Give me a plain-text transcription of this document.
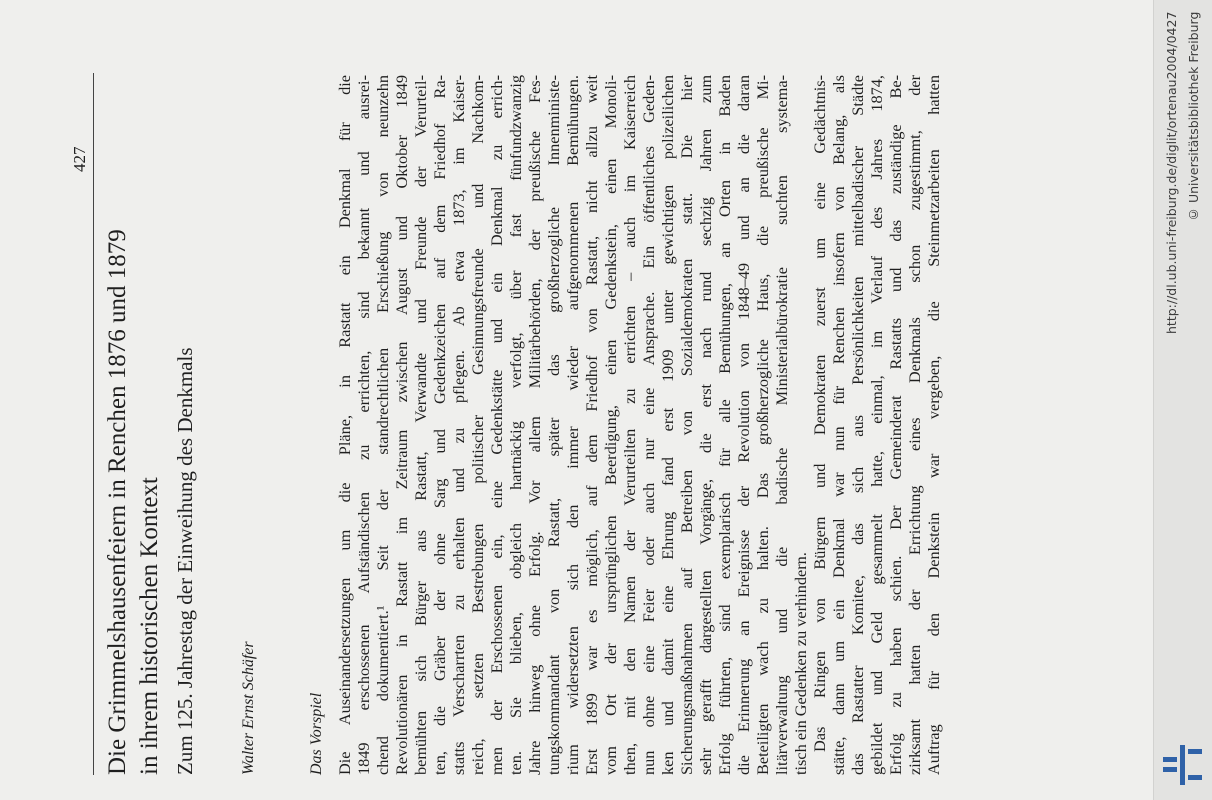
427
Die Grimmelshausenfeiern in Renchen 1876 und 1879 in ihrem historischen Kontext Zum 125. Jahrestag der Einweihung des Denkmals	Walter Ernst Schäfer	Das Vorspiel Die Auseinandersetzungen um die Pläne, in Rastatt ein Denkmal für die 1849 erschossenen Aufständischen zu errichten, sind bekannt und ausrei- chend dokumentiert.¹ Seit der standrechtlichen Erschießung von neunzehn Revolutionären in Rastatt im Zeitraum zwischen August und Oktober 1849 bemühten sich Bürger aus Rastatt, Verwandte und Freunde der Verurteil- ten, die Gräber der ohne Sarg und Gedenkzeichen auf dem Friedhof Ra- statts Verscharrten zu erhalten und zu pflegen. Ab etwa 1873, im Kaiser- reich, setzten Bestrebungen politischer Gesinnungsfreunde und Nachkom- men der Erschossenen ein, eine Gedenkstätte und ein Denkmal zu errich- ten. Sie blieben, obgleich hartnäckig verfolgt, über fast fünfundzwanzig Jahre hinweg ohne Erfolg. Vor allem Militärbehörden, der preußische Fes- tungskommandant von Rastatt, später das großherzogliche Innenministe- rium widersetzten sich den immer wieder aufgenommenen Bemühungen. Erst 1899 war es möglich, auf dem Friedhof von Rastatt, nicht allzu weit vom Ort der ursprünglichen Beerdigung, einen Gedenkstein, einen Monoli- then, mit den Namen der Verurteilten zu errichten – auch im Kaiserreich nun ohne eine Feier oder auch nur eine Ansprache. Ein öffentliches Geden- ken und damit eine Ehrung fand erst 1909 unter gewichtigen polizeilichen Sicherungsmaßnahmen auf Betreiben von Sozialdemokraten statt. Die hier sehr gerafft dargestellten Vorgänge, die erst nach rund sechzig Jahren zum Erfolg führten, sind exemplarisch für alle Bemühungen, an Orten in Baden die Erinnerung an Ereignisse der Revolution von 1848–49 und an die daran Beteiligten wach zu halten. Das großherzogliche Haus, die preußische Mi- litärverwaltung und die badische Ministerialbürokratie suchten systema- tisch ein Gedenken zu verhindern. Das Ringen von Bürgern und Demokraten zuerst um eine Gedächtnis- stätte, dann um ein Denkmal war nun für Renchen insofern von Belang, als das Rastatter Komitee, das sich aus Persönlichkeiten mittelbadischer Städte gebildet und Geld gesammelt hatte, einmal, im Verlauf des Jahres 1874, Erfolg zu haben schien. Der Gemeinderat Rastatts und das zuständige Be- zirksamt hatten der Errichtung eines Denkmals schon zugestimmt, der Auftrag für den Denkstein war vergeben, die Steinmetzarbeiten hatten	http://dl.ub.uni-freiburg.de/diglit/ortenau2004/0427 © Universitätsbibliothek Freiburg
